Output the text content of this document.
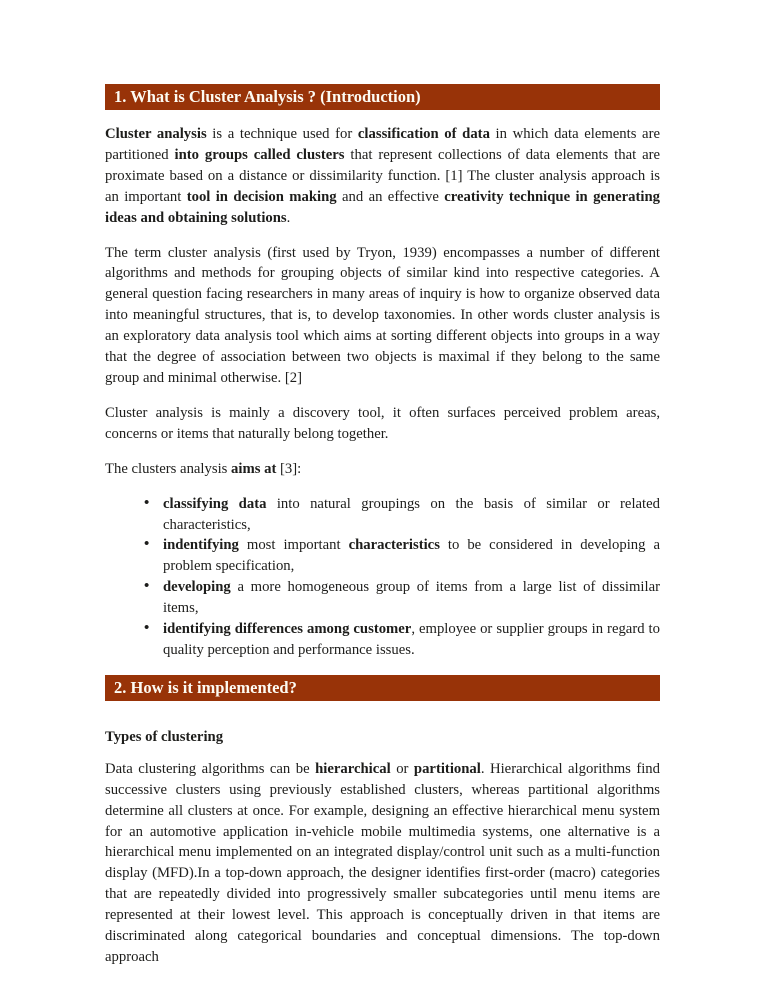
1. What is Cluster Analysis ? (Introduction)

Cluster analysis is a technique used for classification of data in which data elements are partitioned into groups called clusters that represent collections of data elements that are proximate based on a distance or dissimilarity function. [1] The cluster analysis approach is an important tool in decision making and an effective creativity technique in generating ideas and obtaining solutions.

The term cluster analysis (first used by Tryon, 1939) encompasses a number of different algorithms and methods for grouping objects of similar kind into respective categories. A general question facing researchers in many areas of inquiry is how to organize observed data into meaningful structures, that is, to develop taxonomies. In other words cluster analysis is an exploratory data analysis tool which aims at sorting different objects into groups in a way that the degree of association between two objects is maximal if they belong to the same group and minimal otherwise. [2]

Cluster analysis is mainly a discovery tool, it often surfaces perceived problem areas, concerns or items that naturally belong together.

The clusters analysis aims at [3]:

• classifying data into natural groupings on the basis of similar or related characteristics,
• indentifying most important characteristics to be considered in developing a problem specification,
• developing a more homogeneous group of items from a large list of dissimilar items,
• identifying differences among customer, employee or supplier groups in regard to quality perception and performance issues.
2. How is it implemented?
Types of clustering

Data clustering algorithms can be hierarchical or partitional. Hierarchical algorithms find successive clusters using previously established clusters, whereas partitional algorithms determine all clusters at once. For example, designing an effective hierarchical menu system for an automotive application in-vehicle mobile multimedia systems, one alternative is a hierarchical menu implemented on an integrated display/control unit such as a multi-function display (MFD).In a top-down approach, the designer identifies first-order (macro) categories that are repeatedly divided into progressively smaller subcategories until menu items are represented at their lowest level. This approach is conceptually driven in that items are discriminated along categorical boundaries and conceptual dimensions. The top-down approach
